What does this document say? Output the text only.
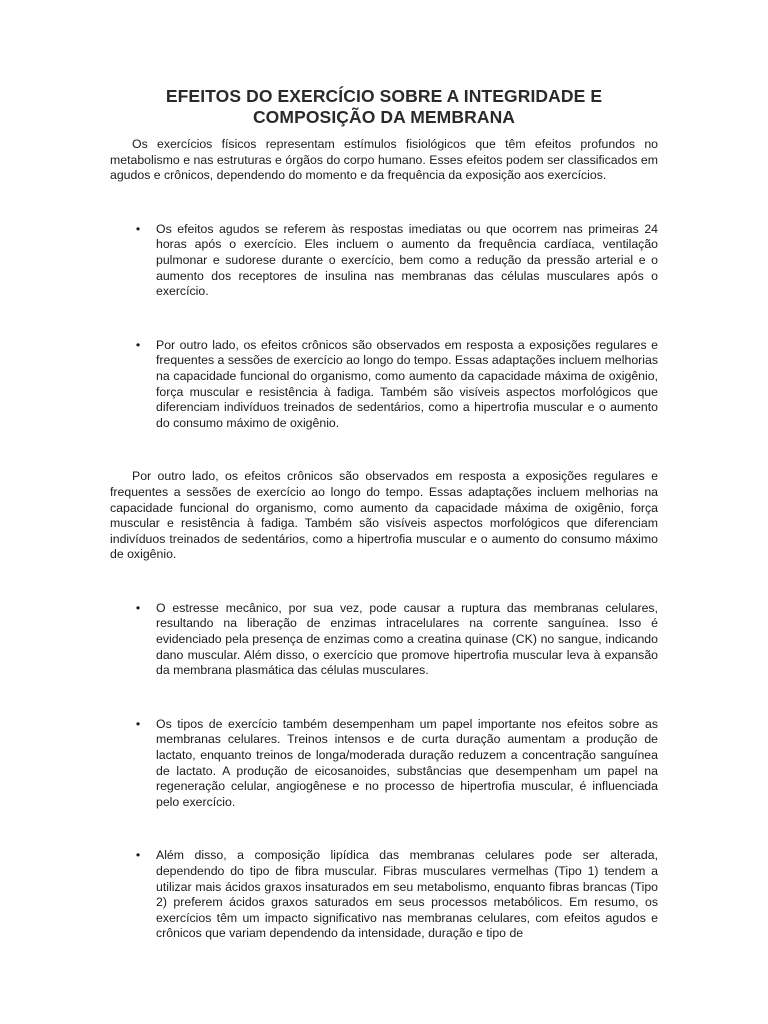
EFEITOS DO EXERCÍCIO SOBRE A INTEGRIDADE E
COMPOSIÇÃO DA MEMBRANA

Os exercícios físicos representam estímulos fisiológicos que têm efeitos profundos no metabolismo e nas estruturas e órgãos do corpo humano. Esses efeitos podem ser classificados em agudos e crônicos, dependendo do momento e da frequência da exposição aos exercícios.

• Os efeitos agudos se referem às respostas imediatas ou que ocorrem nas primeiras 24 horas após o exercício. Eles incluem o aumento da frequência cardíaca, ventilação pulmonar e sudorese durante o exercício, bem como a redução da pressão arterial e o aumento dos receptores de insulina nas membranas das células musculares após o exercício.
• Por outro lado, os efeitos crônicos são observados em resposta a exposições regulares e frequentes a sessões de exercício ao longo do tempo. Essas adaptações incluem melhorias na capacidade funcional do organismo, como aumento da capacidade máxima de oxigênio, força muscular e resistência à fadiga. Também são visíveis aspectos morfológicos que diferenciam indivíduos treinados de sedentários, como a hipertrofia muscular e o aumento do consumo máximo de oxigênio.

Por outro lado, os efeitos crônicos são observados em resposta a exposições regulares e frequentes a sessões de exercício ao longo do tempo. Essas adaptações incluem melhorias na capacidade funcional do organismo, como aumento da capacidade máxima de oxigênio, força muscular e resistência à fadiga. Também são visíveis aspectos morfológicos que diferenciam indivíduos treinados de sedentários, como a hipertrofia muscular e o aumento do consumo máximo de oxigênio.

• O estresse mecânico, por sua vez, pode causar a ruptura das membranas celulares, resultando na liberação de enzimas intracelulares na corrente sanguínea. Isso é evidenciado pela presença de enzimas como a creatina quinase (CK) no sangue, indicando dano muscular. Além disso, o exercício que promove hipertrofia muscular leva à expansão da membrana plasmática das células musculares.
• Os tipos de exercício também desempenham um papel importante nos efeitos sobre as membranas celulares. Treinos intensos e de curta duração aumentam a produção de lactato, enquanto treinos de longa/moderada duração reduzem a concentração sanguínea de lactato. A produção de eicosanoides, substâncias que desempenham um papel na regeneração celular, angiogênese e no processo de hipertrofia muscular, é influenciada pelo exercício.
• Além disso, a composição lipídica das membranas celulares pode ser alterada, dependendo do tipo de fibra muscular. Fibras musculares vermelhas (Tipo 1) tendem a utilizar mais ácidos graxos insaturados em seu metabolismo, enquanto fibras brancas (Tipo 2) preferem ácidos graxos saturados em seus processos metabólicos. Em resumo, os exercícios têm um impacto significativo nas membranas celulares, com efeitos agudos e crônicos que variam dependendo da intensidade, duração e tipo de
